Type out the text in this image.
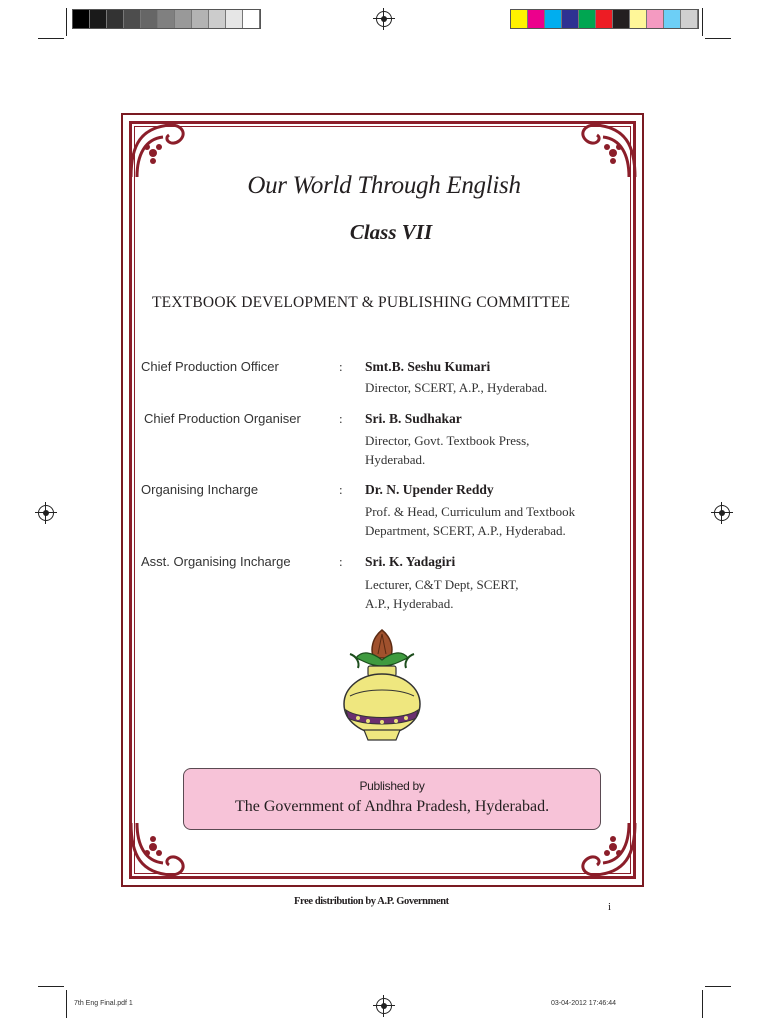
Our World Through English
Class VII
TEXTBOOK DEVELOPMENT & PUBLISHING COMMITTEE
Chief Production Officer	: Smt.B. Seshu Kumari
Director, SCERT, A.P., Hyderabad.
Chief Production Organiser	: Sri. B. Sudhakar
Director, Govt. Textbook Press,
Hyderabad.
Organising Incharge	: Dr. N. Upender Reddy
Prof. & Head, Curriculum and Textbook
Department, SCERT, A.P., Hyderabad.
Asst. Organising Incharge	: Sri. K. Yadagiri
Lecturer, C&T Dept, SCERT,
A.P., Hyderabad.
Published by
The Government of Andhra Pradesh, Hyderabad.
Free distribution by A.P. Government	i
7th Eng Final.pdf 1	03-04-2012 17:46:44
